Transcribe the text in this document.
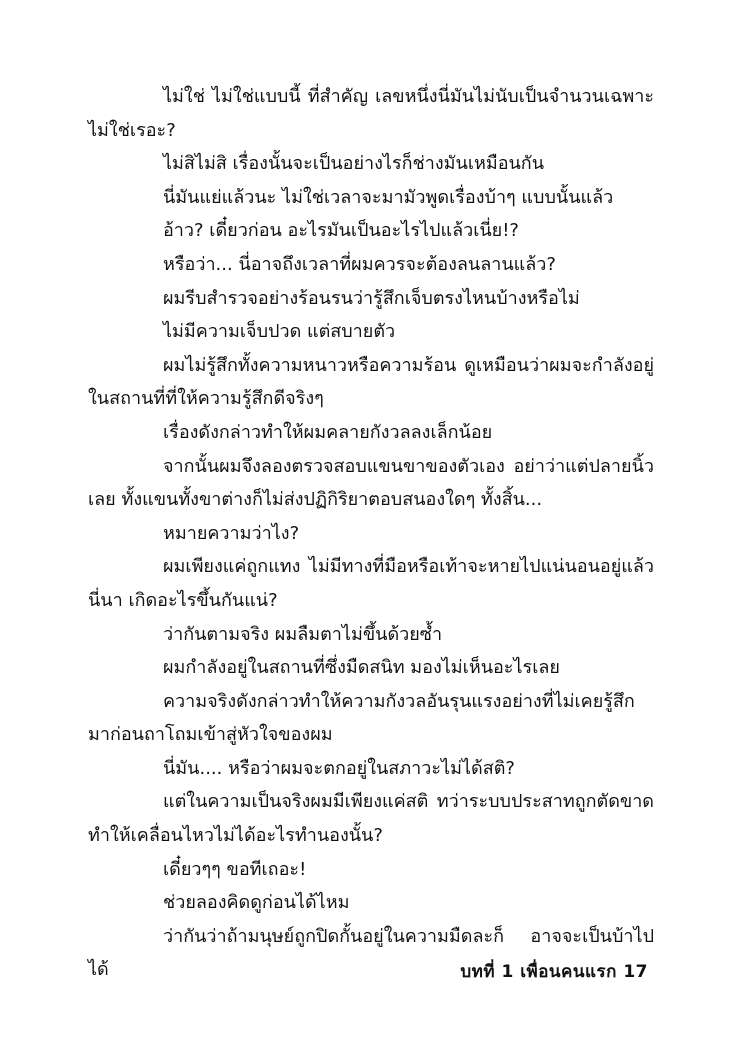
ไม่ใช่ ไม่ใช่แบบนี้ ที่สำคัญ เลขหนึ่งนี่มันไม่นับเป็นจำนวนเฉพาะไม่ใช่เรอะ?

ไม่สิไม่สิ เรื่องนั้นจะเป็นอย่างไรก็ช่างมันเหมือนกัน

นี่มันแย่แล้วนะ ไม่ใช่เวลาจะมามัวพูดเรื่องบ้าๆ แบบนั้นแล้ว

อ้าว? เดี๋ยวก่อน อะไรมันเป็นอะไรไปแล้วเนี่ย!?

หรือว่า... นี่อาจถึงเวลาที่ผมควรจะต้องลนลานแล้ว?

ผมรีบสำรวจอย่างร้อนรนว่ารู้สึกเจ็บตรงไหนบ้างหรือไม่

ไม่มีความเจ็บปวด แต่สบายตัว

ผมไม่รู้สึกทั้งความหนาวหรือความร้อน ดูเหมือนว่าผมจะกำลังอยู่ในสถานที่ที่ให้ความรู้สึกดีจริงๆ

เรื่องดังกล่าวทำให้ผมคลายกังวลลงเล็กน้อย

จากนั้นผมจึงลองตรวจสอบแขนขาของตัวเอง อย่าว่าแต่ปลายนิ้วเลย ทั้งแขนทั้งขาต่างก็ไม่ส่งปฏิกิริยาตอบสนองใดๆ ทั้งสิ้น...

หมายความว่าไง?

ผมเพียงแค่ถูกแทง ไม่มีทางที่มือหรือเท้าจะหายไปแน่นอนอยู่แล้วนี่นา เกิดอะไรขึ้นกันแน่?

ว่ากันตามจริง ผมลืมตาไม่ขึ้นด้วยซ้ำ

ผมกำลังอยู่ในสถานที่ซึ่งมืดสนิท มองไม่เห็นอะไรเลย

ความจริงดังกล่าวทำให้ความกังวลอันรุนแรงอย่างที่ไม่เคยรู้สึกมาก่อนถาโถมเข้าสู่หัวใจของผม

นี่มัน.... หรือว่าผมจะตกอยู่ในสภาวะไม่ได้สติ?

แต่ในความเป็นจริงผมมีเพียงแค่สติ ทว่าระบบประสาทถูกตัดขาดทำให้เคลื่อนไหวไม่ได้อะไรทำนองนั้น?

เดี๋ยวๆๆ ขอทีเถอะ!

ช่วยลองคิดดูก่อนได้ไหม

ว่ากันว่าถ้ามนุษย์ถูกปิดกั้นอยู่ในความมืดละก็ อาจจะเป็นบ้าไปได้	บทที่ 1 เพื่อนคนแรก 17
